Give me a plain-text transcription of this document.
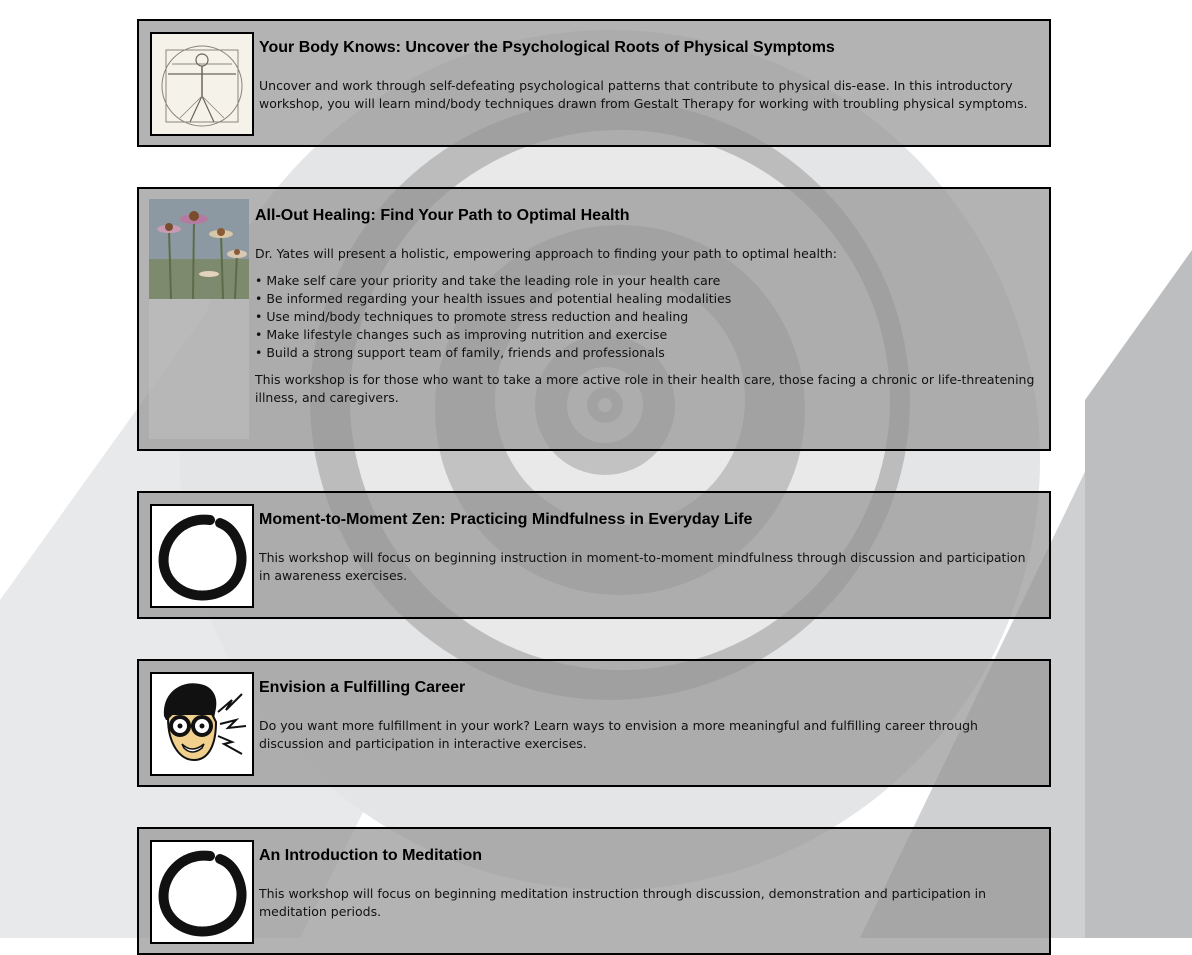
Your Body Knows: Uncover the Psychological Roots of Physical Symptoms

Uncover and work through self-defeating psychological patterns that contribute to physical dis-ease. In this introductory workshop, you will learn mind/body techniques drawn from Gestalt Therapy for working with troubling physical symptoms.

All-Out Healing: Find Your Path to Optimal Health

Dr. Yates will present a holistic, empowering approach to finding your path to optimal health:

• Make self care your priority and take the leading role in your health care
• Be informed regarding your health issues and potential healing modalities
• Use mind/body techniques to promote stress reduction and healing
• Make lifestyle changes such as improving nutrition and exercise
• Build a strong support team of family, friends and professionals

This workshop is for those who want to take a more active role in their health care, those facing a chronic or life-threatening illness, and caregivers.

Moment-to-Moment Zen: Practicing Mindfulness in Everyday Life

This workshop will focus on beginning instruction in moment-to-moment mindfulness through discussion and participation in awareness exercises.

Envision a Fulfilling Career

Do you want more fulfillment in your work? Learn ways to envision a more meaningful and fulfilling career through discussion and participation in interactive exercises.

An Introduction to Meditation

This workshop will focus on beginning meditation instruction through discussion, demonstration and participation in meditation periods.
